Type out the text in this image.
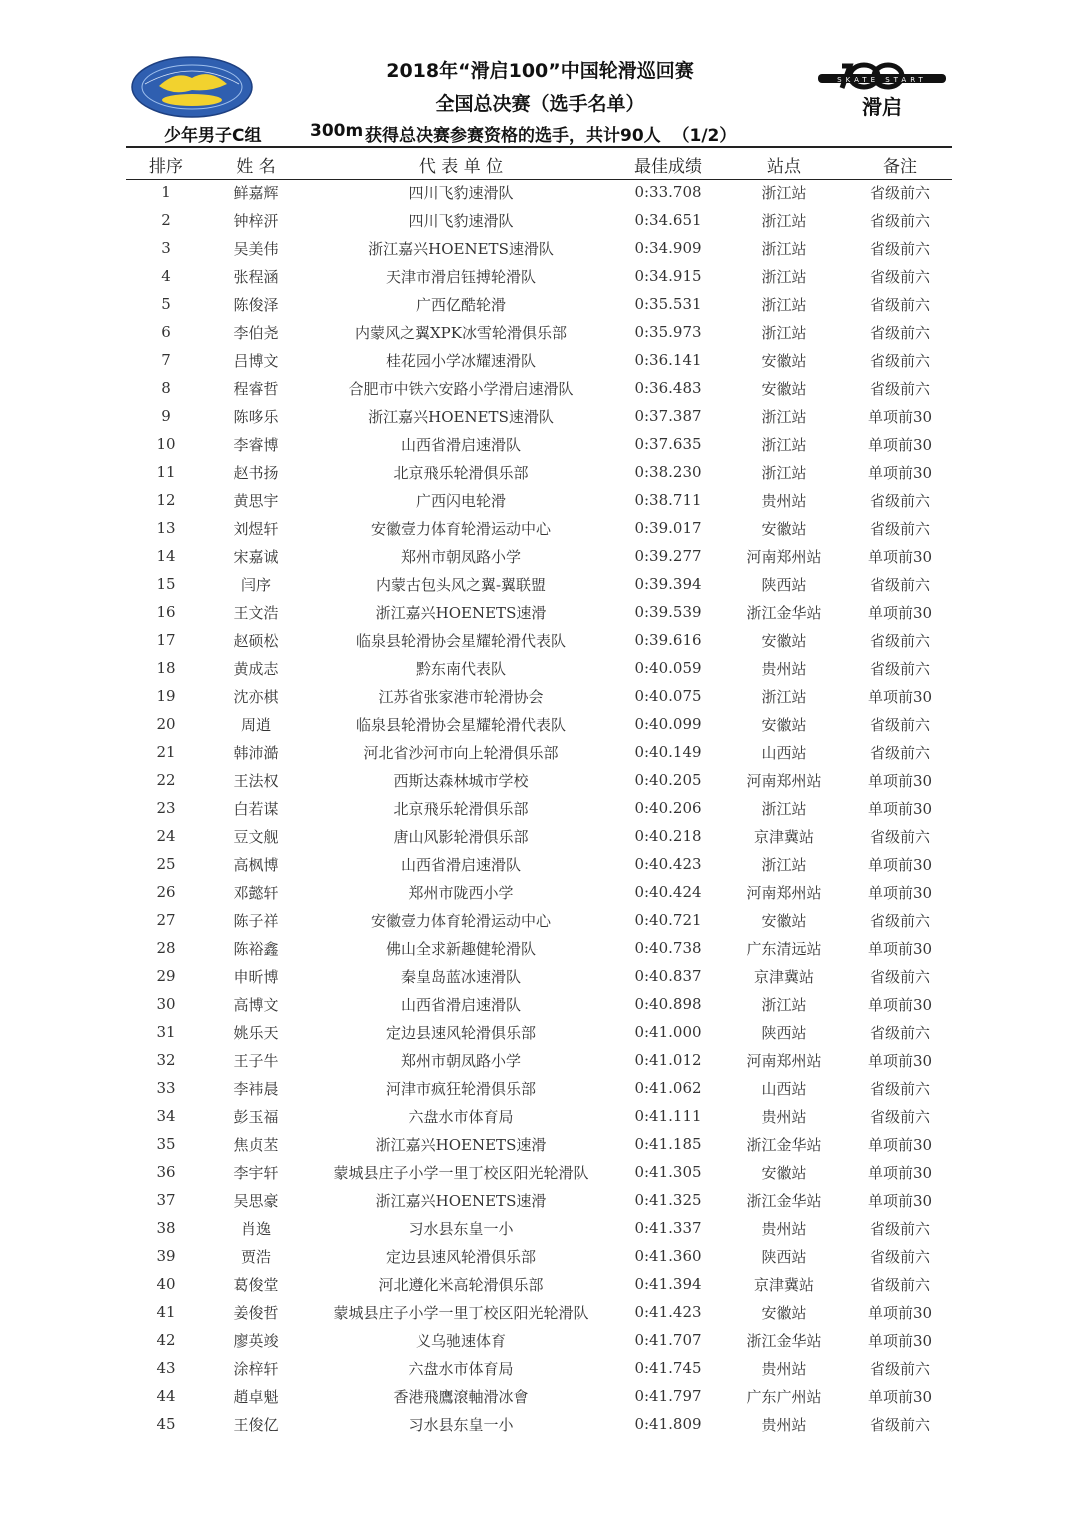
SKATE START
滑启
2018年“滑启100”中国轮滑巡回赛
全国总决赛（选手名单）
少年男子C组	300m 获得总决赛参赛资格的选手，共计90人  （1/2）
排序	姓 名	代 表 单 位	最佳成绩	站点	备注
1	鲜嘉辉	四川飞豹速滑队	0:33.708	浙江站	省级前六
2	钟梓汧	四川飞豹速滑队	0:34.651	浙江站	省级前六
3	吴美伟	浙江嘉兴HOENETS速滑队	0:34.909	浙江站	省级前六
4	张程涵	天津市滑启钰搏轮滑队	0:34.915	浙江站	省级前六
5	陈俊泽	广西亿酷轮滑	0:35.531	浙江站	省级前六
6	李伯尧	内蒙风之翼XPK冰雪轮滑俱乐部	0:35.973	浙江站	省级前六
7	吕博文	桂花园小学冰耀速滑队	0:36.141	安徽站	省级前六
8	程睿哲	合肥市中铁六安路小学滑启速滑队	0:36.483	安徽站	省级前六
9	陈哆乐	浙江嘉兴HOENETS速滑队	0:37.387	浙江站	单项前30
10	李睿博	山西省滑启速滑队	0:37.635	浙江站	单项前30
11	赵书扬	北京飛乐轮滑俱乐部	0:38.230	浙江站	单项前30
12	黄思宇	广西闪电轮滑	0:38.711	贵州站	省级前六
13	刘煜轩	安徽壹力体育轮滑运动中心	0:39.017	安徽站	省级前六
14	宋嘉诚	郑州市朝凤路小学	0:39.277	河南郑州站	单项前30
15	闫序	内蒙古包头风之翼-翼联盟	0:39.394	陕西站	省级前六
16	王文浩	浙江嘉兴HOENETS速滑	0:39.539	浙江金华站	单项前30
17	赵硕松	临泉县轮滑协会星耀轮滑代表队	0:39.616	安徽站	省级前六
18	黄成志	黔东南代表队	0:40.059	贵州站	省级前六
19	沈亦棋	江苏省张家港市轮滑协会	0:40.075	浙江站	单项前30
20	周逍	临泉县轮滑协会星耀轮滑代表队	0:40.099	安徽站	省级前六
21	韩沛澔	河北省沙河市向上轮滑俱乐部	0:40.149	山西站	省级前六
22	王法权	西斯达森林城市学校	0:40.205	河南郑州站	单项前30
23	白若谋	北京飛乐轮滑俱乐部	0:40.206	浙江站	单项前30
24	豆文舰	唐山风影轮滑俱乐部	0:40.218	京津冀站	省级前六
25	高枫博	山西省滑启速滑队	0:40.423	浙江站	单项前30
26	邓懿轩	郑州市陇西小学	0:40.424	河南郑州站	单项前30
27	陈子祥	安徽壹力体育轮滑运动中心	0:40.721	安徽站	省级前六
28	陈裕鑫	佛山全求新趣健轮滑队	0:40.738	广东清远站	单项前30
29	申昕博	秦皇岛蓝冰速滑队	0:40.837	京津冀站	省级前六
30	高博文	山西省滑启速滑队	0:40.898	浙江站	单项前30
31	姚乐天	定边县速风轮滑俱乐部	0:41.000	陕西站	省级前六
32	王子牛	郑州市朝凤路小学	0:41.012	河南郑州站	单项前30
33	李袆晨	河津市疯狂轮滑俱乐部	0:41.062	山西站	省级前六
34	彭玉福	六盘水市体育局	0:41.111	贵州站	省级前六
35	焦贞苤	浙江嘉兴HOENETS速滑	0:41.185	浙江金华站	单项前30
36	李宇轩	蒙城县庄子小学一里丁校区阳光轮滑队	0:41.305	安徽站	单项前30
37	吴思豪	浙江嘉兴HOENETS速滑	0:41.325	浙江金华站	单项前30
38	肖逸	习水县东皇一小	0:41.337	贵州站	省级前六
39	贾浩	定边县速风轮滑俱乐部	0:41.360	陕西站	省级前六
40	葛俊堂	河北遵化米高轮滑俱乐部	0:41.394	京津冀站	省级前六
41	姜俊哲	蒙城县庄子小学一里丁校区阳光轮滑队	0:41.423	安徽站	单项前30
42	廖英竣	义乌驰速体育	0:41.707	浙江金华站	单项前30
43	涂梓轩	六盘水市体育局	0:41.745	贵州站	省级前六
44	趙卓魁	香港飛鷹滾軸滑冰會	0:41.797	广东广州站	单项前30
45	王俊亿	习水县东皇一小	0:41.809	贵州站	省级前六
